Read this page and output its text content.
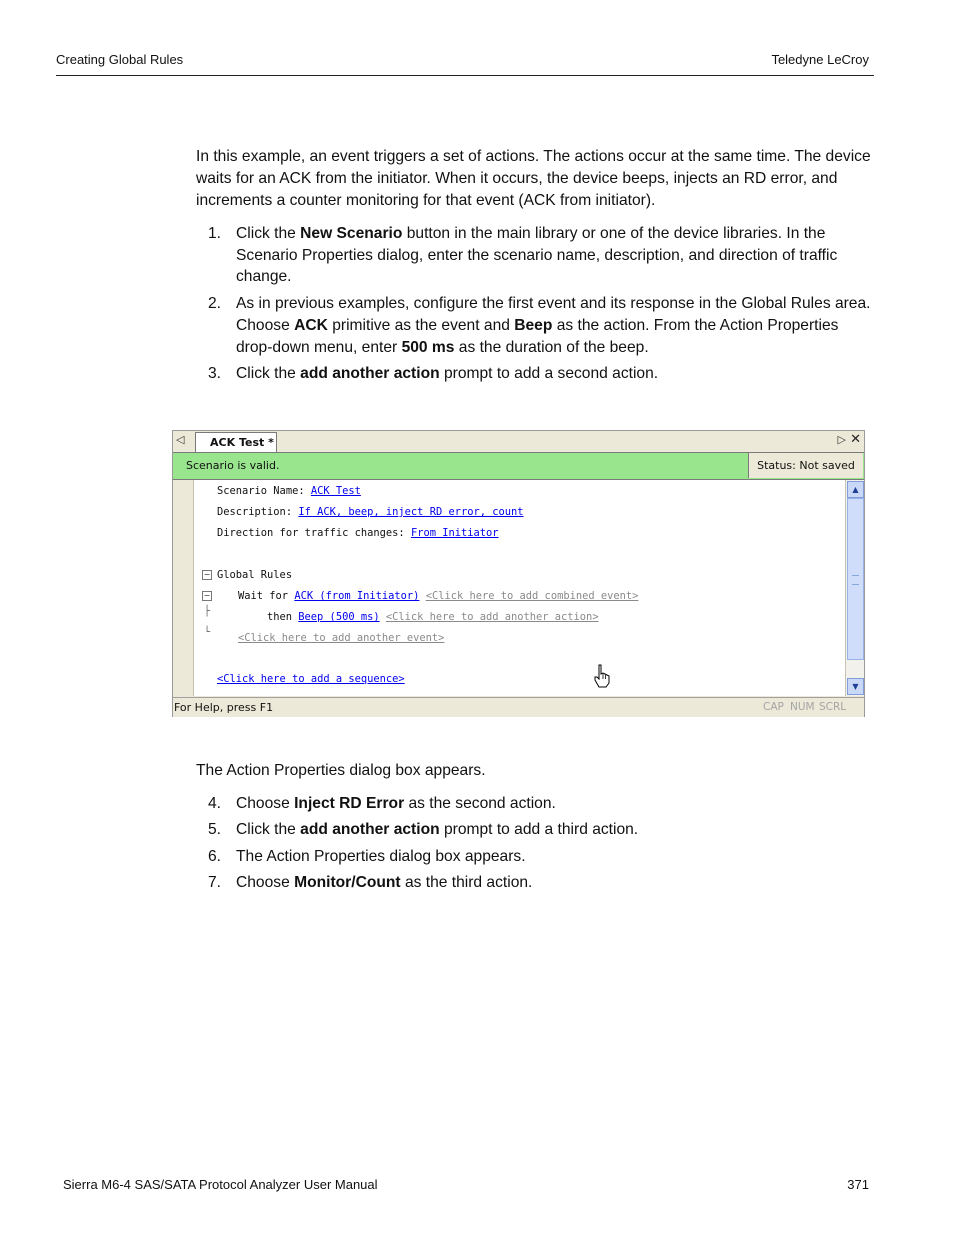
Creating Global Rules	Teledyne LeCroy
In this example, an event triggers a set of actions. The actions occur at the same time. The device waits for an ACK from the initiator. When it occurs, the device beeps, injects an RD error, and increments a counter monitoring for that event (ACK from initiator).
1. Click the New Scenario button in the main library or one of the device libraries. In the Scenario Properties dialog, enter the scenario name, description, and direction of traffic change.
2. As in previous examples, configure the first event and its response in the Global Rules area. Choose ACK primitive as the event and Beep as the action. From the Action Properties drop-down menu, enter 500 ms as the duration of the beep.
3. Click the add another action prompt to add a second action.
◁	ACK Test *	▷ ✕
Scenario is valid.	Status: Not saved
Scenario Name: ACK Test
Description: If ACK, beep, inject RD error, count
Direction for traffic changes: From Initiator
− Global Rules
−	Wait for ACK (from Initiator) <Click here to add combined event>
├	then Beep (500 ms) <Click here to add another action>
└	<Click here to add another event>
<Click here to add a sequence>
▲
▼
For Help, press F1	CAP NUM SCRL
The Action Properties dialog box appears.
4. Choose Inject RD Error as the second action.
5. Click the add another action prompt to add a third action.
6. The Action Properties dialog box appears.
7. Choose Monitor/Count as the third action.
Sierra M6-4 SAS/SATA Protocol Analyzer User Manual	371
